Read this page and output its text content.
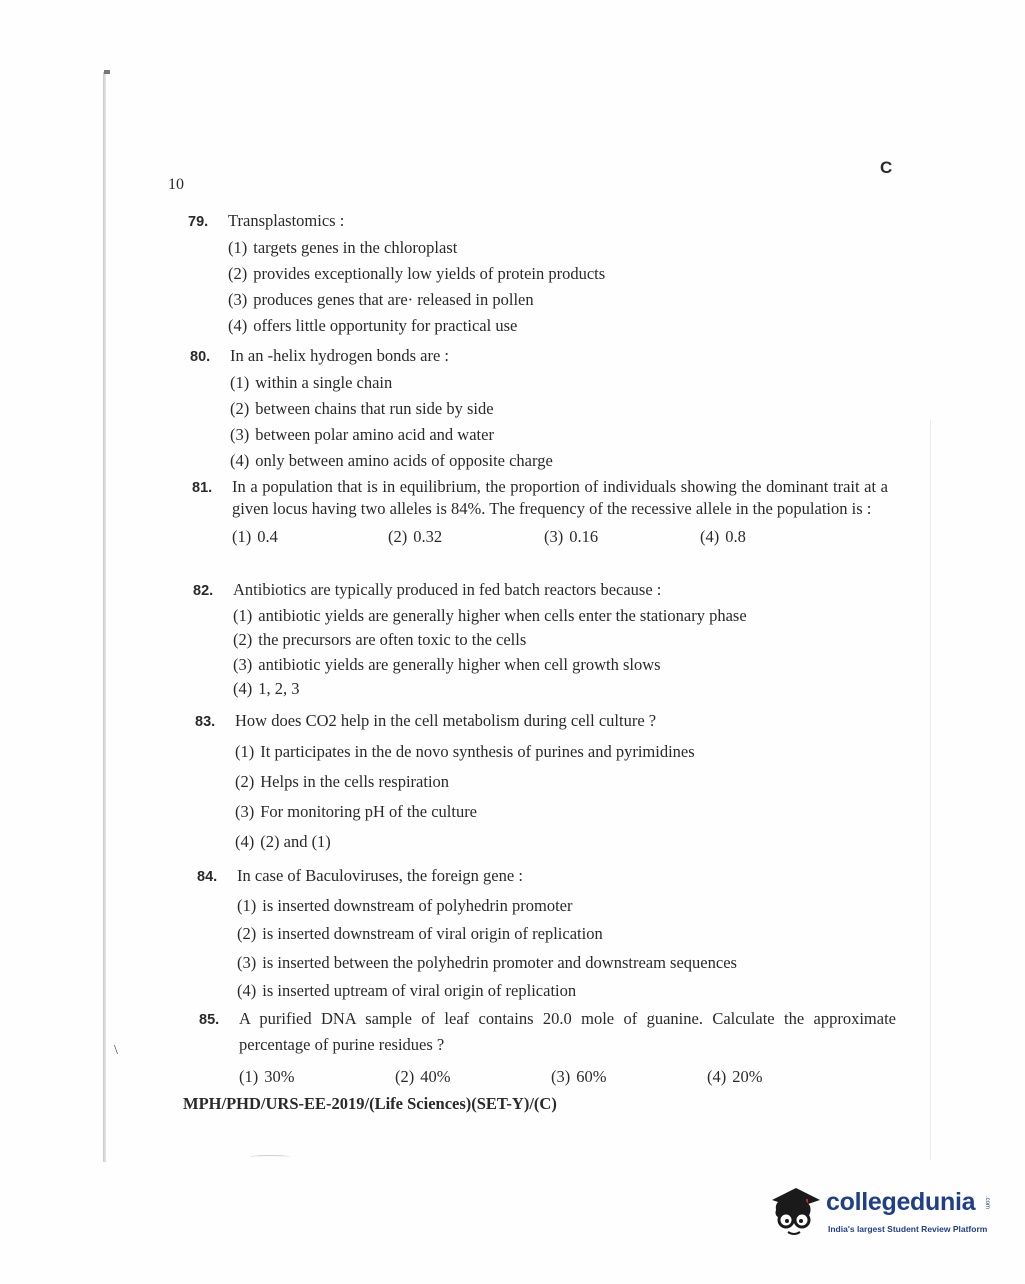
10
C
79.	Transplastomics :
(1) targets genes in the chloroplast
(2) provides exceptionally low yields of protein products
(3) produces genes that are· released in pollen
(4) offers little opportunity for practical use
80.	In an -helix hydrogen bonds are :
(1) within a single chain
(2) between chains that run side by side
(3) between polar amino acid and water
(4) only between amino acids of opposite charge
81.	In a population that is in equilibrium, the proportion of individuals showing the dominant trait at a given locus having two alleles is 84%. The frequency of the recessive allele in the population is :
(1) 0.4	(2) 0.32	(3) 0.16	(4) 0.8
82.	Antibiotics are typically produced in fed batch reactors because :
(1) antibiotic yields are generally higher when cells enter the stationary phase
(2) the precursors are often toxic to the cells
(3) antibiotic yields are generally higher when cell growth slows
(4) 1, 2, 3
83.	How does CO2 help in the cell metabolism during cell culture ?
(1) It participates in the de novo synthesis of purines and pyrimidines
(2) Helps in the cells respiration
(3) For monitoring pH of the culture
(4) (2) and (1)
84.	In case of Baculoviruses, the foreign gene :
(1) is inserted downstream of polyhedrin promoter
(2) is inserted downstream of viral origin of replication
(3) is inserted between the polyhedrin promoter and downstream sequences
(4) is inserted uptream of viral origin of replication
85.	A purified DNA sample of leaf contains 20.0 mole of guanine. Calculate the approximate percentage of purine residues ?
(1) 30%	(2) 40%	(3) 60%	(4) 20%
\
MPH/PHD/URS-EE-2019/(Life Sciences)(SET-Y)/(C)
collegedunia .com
India's largest Student Review Platform
